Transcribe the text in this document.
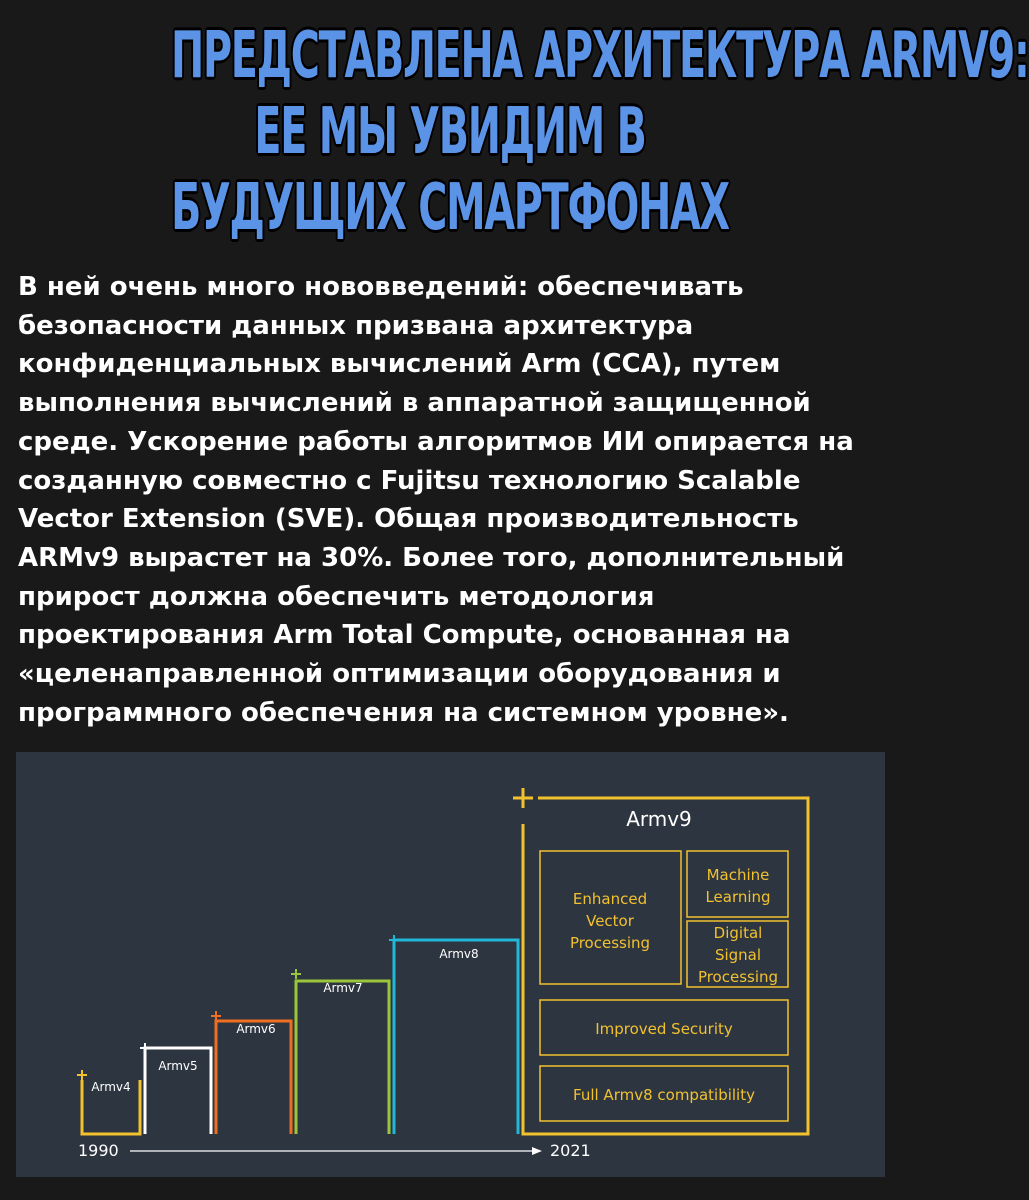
ПРЕДСТАВЛЕНА АРХИТЕКТУРА ARMV9:
ЕЕ МЫ УВИДИМ В
БУДУЩИХ СМАРТФОНАХ
В ней очень много нововведений: обеспечивать
безопасности данных призвана архитектура
конфиденциальных вычислений Arm (CCA), путем
выполнения вычислений в аппаратной защищенной
среде. Ускорение работы алгоритмов ИИ опирается на
созданную совместно с Fujitsu технологию Scalable
Vector Extension (SVE). Общая производительность
ARMv9 вырастет на 30%. Более того, дополнительный
прирост должна обеспечить методология
проектирования Arm Total Compute, основанная на
«целенаправленной оптимизации оборудования и
программного обеспечения на системном уровне».
Armv4
Armv5
Armv6
Armv7
Armv8
Armv9
Enhanced
Vector
Processing
Machine
Learning
Digital
Signal
Processing
Improved Security
Full Armv8 compatibility
1990	2021
